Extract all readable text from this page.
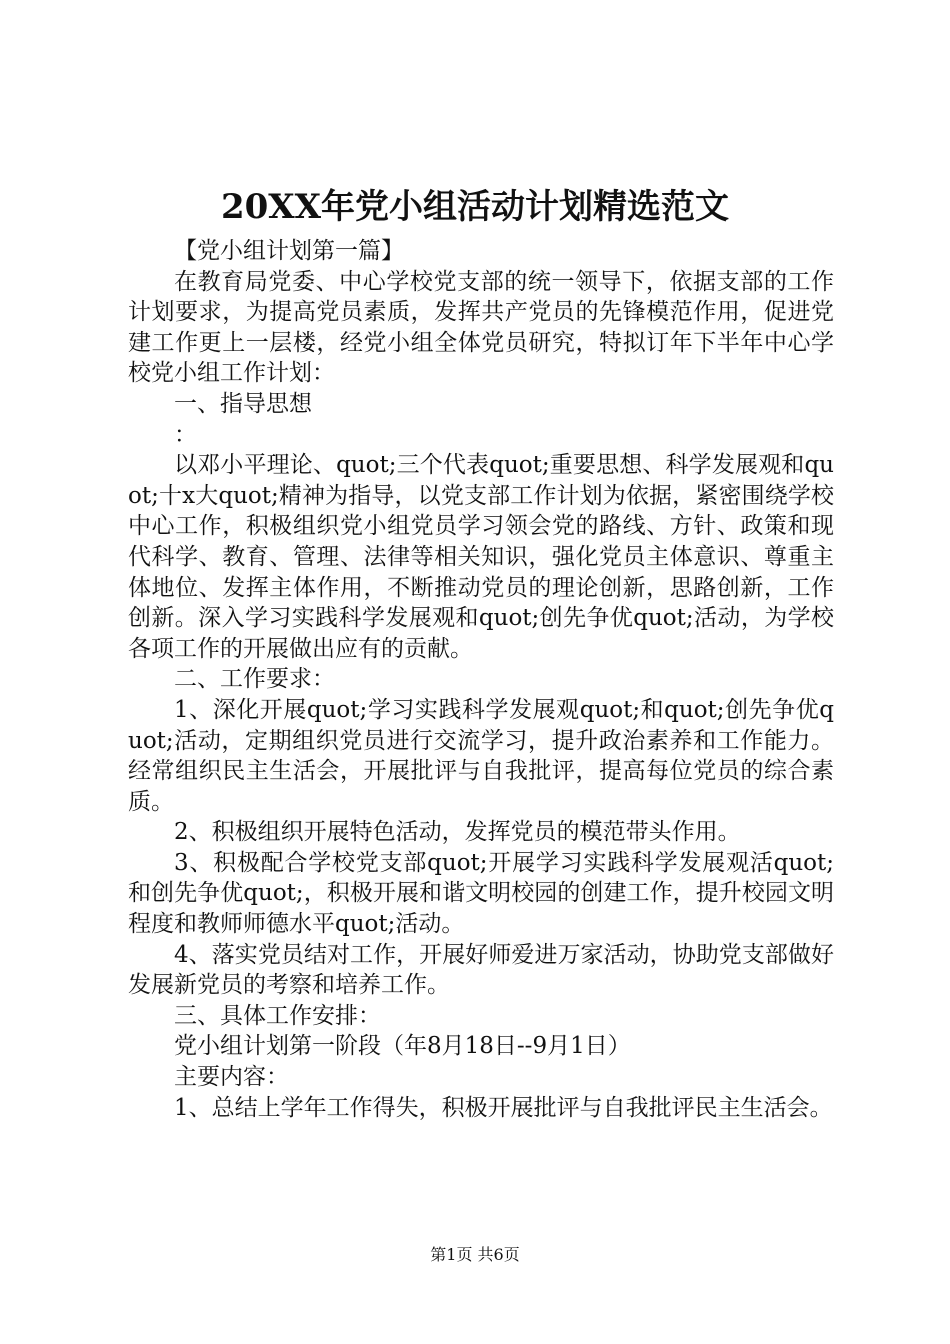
20XX年党小组活动计划精选范文

【党小组计划第一篇】

在教育局党委、中心学校党支部的统一领导下，依据支部的工作计划要求，为提高党员素质，发挥共产党员的先锋模范作用，促进党建工作更上一层楼，经党小组全体党员研究，特拟订年下半年中心学校党小组工作计划：

一、指导思想

：

以邓小平理论、quot;三个代表quot;重要思想、科学发展观和quot;十x大quot;精神为指导，以党支部工作计划为依据，紧密围绕学校中心工作，积极组织党小组党员学习领会党的路线、方针、政策和现代科学、教育、管理、法律等相关知识，强化党员主体意识、尊重主体地位、发挥主体作用，不断推动党员的理论创新，思路创新，工作创新。深入学习实践科学发展观和quot;创先争优quot;活动，为学校各项工作的开展做出应有的贡献。

二、工作要求：

1、深化开展quot;学习实践科学发展观quot;和quot;创先争优quot;活动，定期组织党员进行交流学习，提升政治素养和工作能力。经常组织民主生活会，开展批评与自我批评，提高每位党员的综合素质。

2、积极组织开展特色活动，发挥党员的模范带头作用。

3、积极配合学校党支部quot;开展学习实践科学发展观活quot;和创先争优quot;，积极开展和谐文明校园的创建工作，提升校园文明程度和教师师德水平quot;活动。

4、落实党员结对工作，开展好师爱进万家活动，协助党支部做好发展新党员的考察和培养工作。

三、具体工作安排：

党小组计划第一阶段（年8月18日--9月1日）

主要内容：

1、总结上学年工作得失，积极开展批评与自我批评民主生活会。

第1页 共6页
